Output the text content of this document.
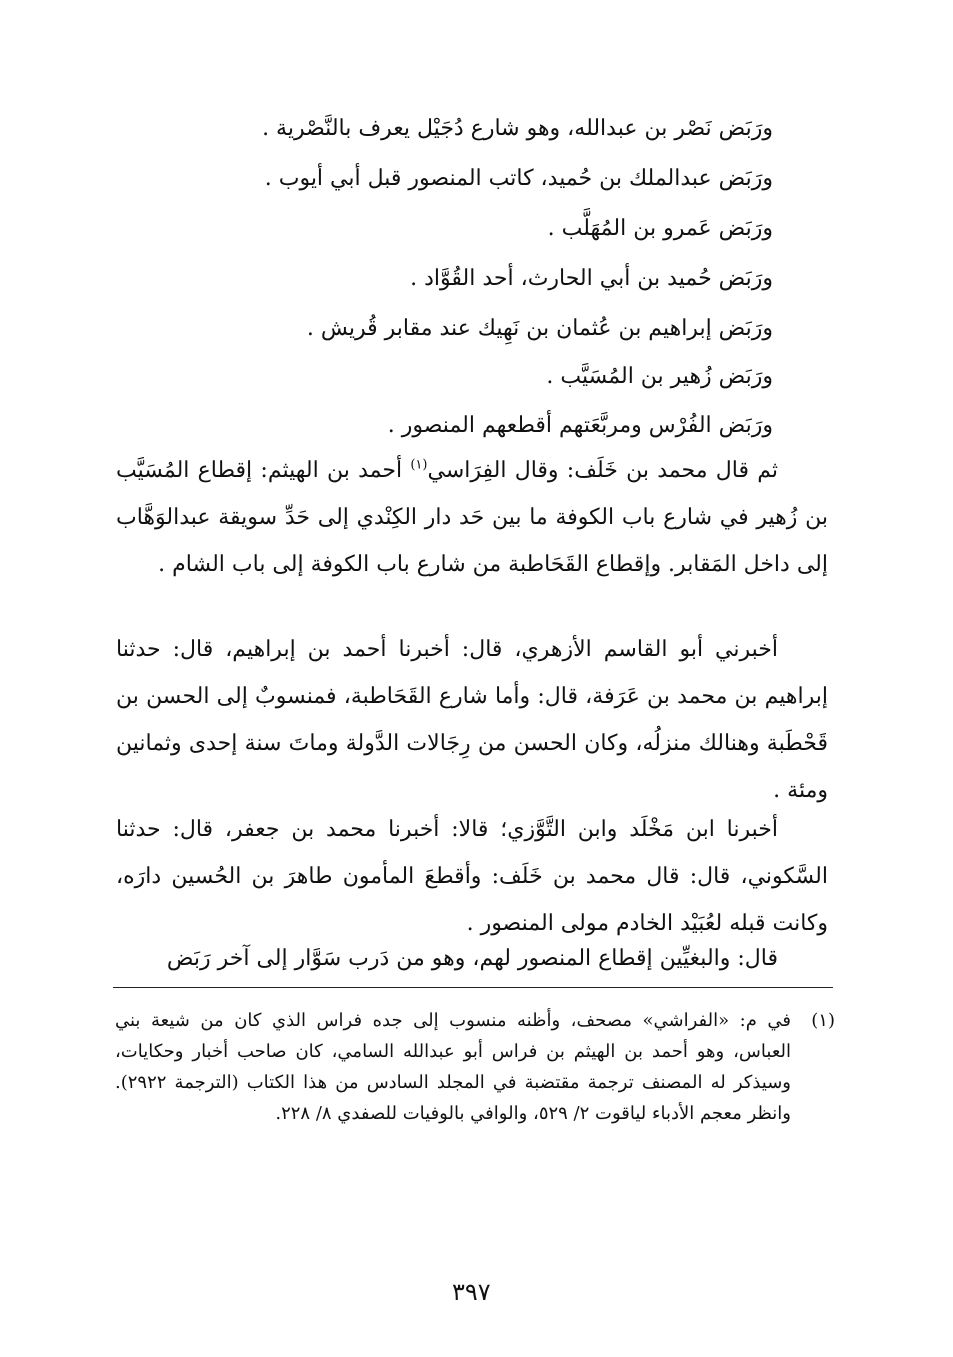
ورَبَض نَصْر بن عبدالله، وهو شارع دُجَيْل يعرف بالنَّصْرية .
ورَبَض عبدالملك بن حُميد، كاتب المنصور قبل أبي أيوب .
ورَبَض عَمرو بن المُهَلَّب .
ورَبَض حُميد بن أبي الحارث، أحد القُوَّاد .
ورَبَض إبراهيم بن عُثمان بن نَهِيك عند مقابر قُريش .
ورَبَض زُهير بن المُسَيَّب .
ورَبَض الفُرْس ومربَّعَتهم أقطعهم المنصور .

ثم قال محمد بن خَلَف: وقال الفِرَاسي$^{(١)}$ أحمد بن الهيثم: إقطاع المُسَيَّب بن زُهير في شارع باب الكوفة ما بين حَد دار الكِنْدي إلى حَدِّ سويقة عبدالوَهَّاب إلى داخل المَقابر. وإقطاع القَحَاطبة من شارع باب الكوفة إلى باب الشام .

أخبرني أبو القاسم الأزهري، قال: أخبرنا أحمد بن إبراهيم، قال: حدثنا إبراهيم بن محمد بن عَرَفة، قال: وأما شارع القَحَاطبة، فمنسوبٌ إلى الحسن بن قَحْطَبة وهنالك منزلُه، وكان الحسن من رِجَالات الدَّولة وماتَ سنة إحدى وثمانين ومئة .

أخبرنا ابن مَخْلَد وابن التَّوَّزي؛ قالا: أخبرنا محمد بن جعفر، قال: حدثنا السَّكوني، قال: قال محمد بن خَلَف: وأقطعَ المأمون طاهرَ بن الحُسين دارَه، وكانت قبله لعُبَيْد الخادم مولى المنصور .

قال: والبغيِّين إقطاع المنصور لهم، وهو من دَرب سَوَّار إلى آخر رَبَض

(١)
في م: «الفراشي» مصحف، وأظنه منسوب إلى جده فراس الذي كان من شيعة بني العباس، وهو أحمد بن الهيثم بن فراس أبو عبدالله السامي، كان صاحب أخبار وحكايات، وسيذكر له المصنف ترجمة مقتضبة في المجلد السادس من هذا الكتاب (الترجمة ٢٩٢٢). وانظر معجم الأدباء لياقوت ٢/ ٥٢٩، والوافي بالوفيات للصفدي ٨/ ٢٢٨.
٣٩٧
